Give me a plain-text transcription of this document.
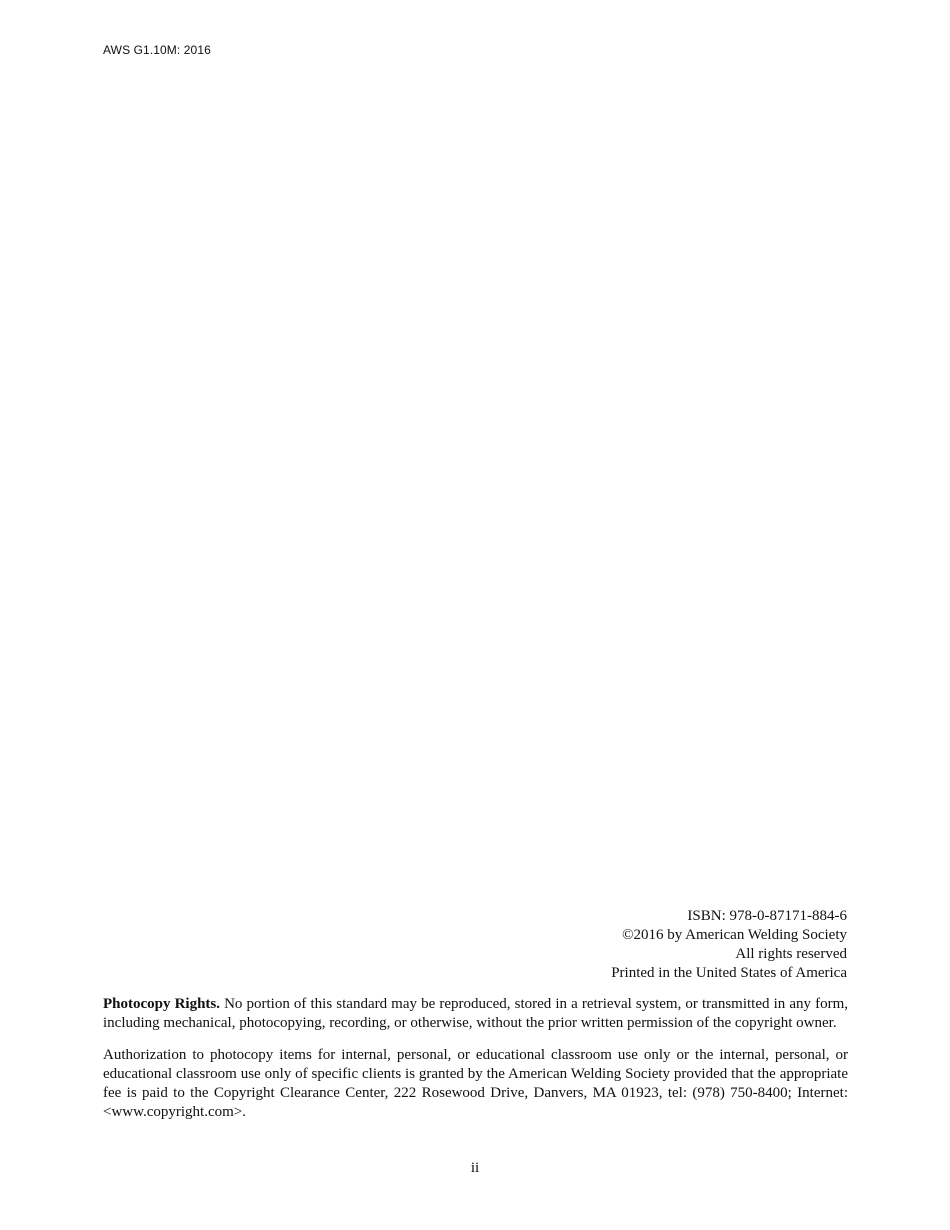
AWS G1.10M: 2016
ISBN: 978-0-87171-884-6
©2016 by American Welding Society
All rights reserved
Printed in the United States of America

Photocopy Rights. No portion of this standard may be reproduced, stored in a retrieval system, or transmitted in any form, including mechanical, photocopying, recording, or otherwise, without the prior written permission of the copyright owner.

Authorization to photocopy items for internal, personal, or educational classroom use only or the internal, personal, or educational classroom use only of specific clients is granted by the American Welding Society provided that the appropriate fee is paid to the Copyright Clearance Center, 222 Rosewood Drive, Danvers, MA 01923, tel: (978) 750-8400; Internet: <www.copyright.com>.

ii
